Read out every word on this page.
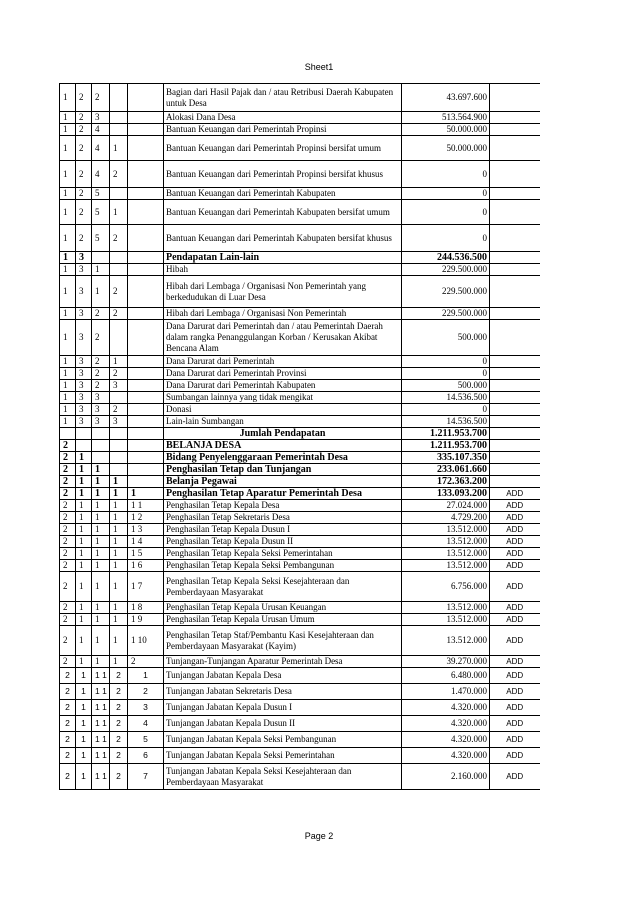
Sheet1
1	2	2			Bagian dari Hasil Pajak dan / atau Retribusi Daerah Kabupaten untuk Desa	43.697.600	
1	2	3			Alokasi Dana Desa	513.564.900	
1	2	4			Bantuan Keuangan dari Pemerintah Propinsi	50.000.000	
1	2	4	1		Bantuan Keuangan dari Pemerintah Propinsi bersifat umum	50.000.000	
1	2	4	2		Bantuan Keuangan dari Pemerintah Propinsi bersifat khusus	0	
1	2	5			Bantuan Keuangan dari Pemerintah Kabupaten	0	
1	2	5	1		Bantuan Keuangan dari Pemerintah Kabupaten bersifat umum	0	
1	2	5	2		Bantuan Keuangan dari Pemerintah Kabupaten bersifat khusus	0	
1	3				Pendapatan Lain-lain	244.536.500	
1	3	1			Hibah	229.500.000	
1	3	1	2		Hibah dari Lembaga / Organisasi Non Pemerintah yang berkedudukan di Luar Desa	229.500.000	
1	3	2	2		Hibah dari Lembaga / Organisasi Non Pemerintah	229.500.000	
1	3	2			Dana Darurat dari Pemerintah dan / atau Pemerintah Daerah dalam rangka Penanggulangan Korban / Kerusakan Akibat Bencana Alam	500.000	
1	3	2	1		Dana Darurat dari Pemerintah	0	
1	3	2	2		Dana Darurat dari Pemerintah Provinsi	0	
1	3	2	3		Dana Darurat dari Pemerintah Kabupaten	500.000	
1	3	3			Sumbangan lainnya yang tidak mengikat	14.536.500	
1	3	3	2		Donasi	0	
1	3	3	3		Lain-lain Sumbangan	14.536.500	
					Jumlah Pendapatan	1.211.953.700	
2					BELANJA DESA	1.211.953.700	
2	1				Bidang Penyelenggaraan Pemerintah Desa	335.107.350	
2	1	1			Penghasilan Tetap dan Tunjangan	233.061.660	
2	1	1	1		Belanja Pegawai	172.363.200	
2	1	1	1	1	Penghasilan Tetap Aparatur Pemerintah Desa	133.093.200	ADD
2	1	1	1	1 1	Penghasilan Tetap Kepala Desa	27.024.000	ADD
2	1	1	1	1 2	Penghasilan Tetap Sekretaris Desa	4.729.200	ADD
2	1	1	1	1 3	Penghasilan Tetap Kepala Dusun I	13.512.000	ADD
2	1	1	1	1 4	Penghasilan Tetap Kepala Dusun II	13.512.000	ADD
2	1	1	1	1 5	Penghasilan Tetap Kepala Seksi Pemerintahan	13.512.000	ADD
2	1	1	1	1 6	Penghasilan Tetap Kepala Seksi Pembangunan	13.512.000	ADD
2	1	1	1	1 7	Penghasilan Tetap Kepala Seksi Kesejahteraan dan Pemberdayaan Masyarakat	6.756.000	ADD
2	1	1	1	1 8	Penghasilan Tetap Kepala Urusan Keuangan	13.512.000	ADD
2	1	1	1	1 9	Penghasilan Tetap Kepala Urusan Umum	13.512.000	ADD
2	1	1	1	1 10	Penghasilan Tetap Staf/Pembantu Kasi Kesejahteraan dan Pemberdayaan Masyarakat (Kayim)	13.512.000	ADD
2	1	1	1	2	Tunjangan-Tunjangan Aparatur Pemerintah Desa	39.270.000	ADD
2	1	1 1	2	1	Tunjangan Jabatan Kepala Desa	6.480.000	ADD
2	1	1 1	2	2	Tunjangan Jabatan Sekretaris Desa	1.470.000	ADD
2	1	1 1	2	3	Tunjangan Jabatan Kepala Dusun I	4.320.000	ADD
2	1	1 1	2	4	Tunjangan Jabatan Kepala Dusun II	4.320.000	ADD
2	1	1 1	2	5	Tunjangan Jabatan Kepala Seksi Pembangunan	4.320.000	ADD
2	1	1 1	2	6	Tunjangan Jabatan Kepala Seksi Pemerintahan	4.320.000	ADD
2	1	1 1	2	7	Tunjangan Jabatan Kepala Seksi Kesejahteraan dan Pemberdayaan Masyarakat	2.160.000	ADD
Page 2
